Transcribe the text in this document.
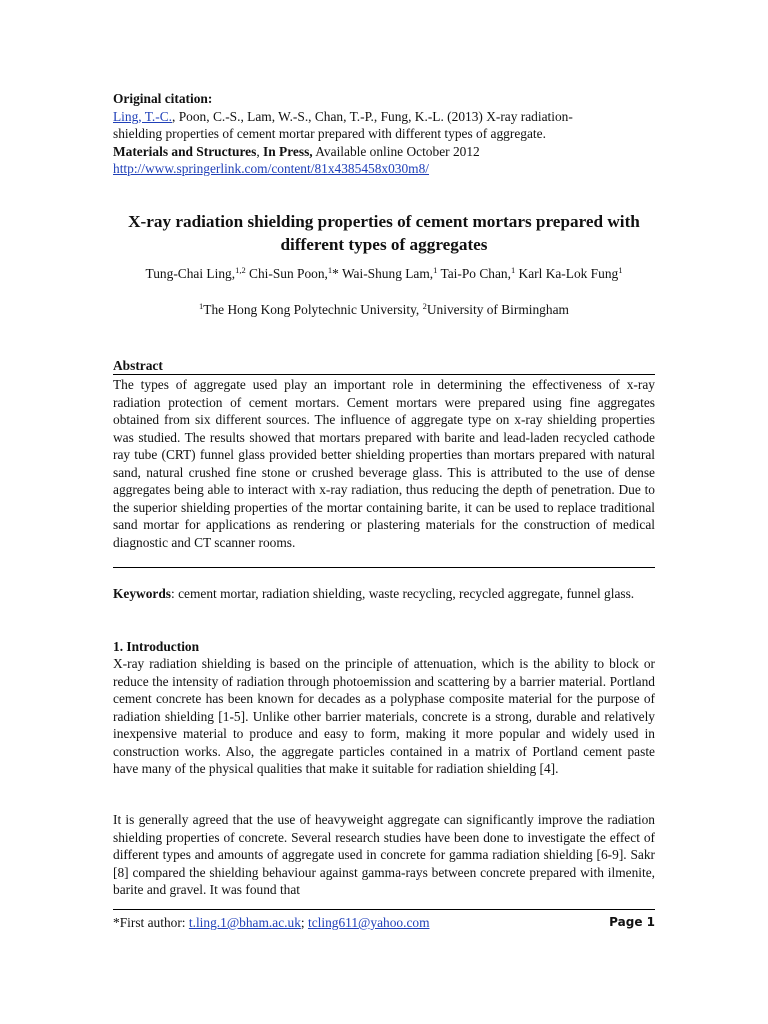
Original citation:
Ling, T.-C., Poon, C.-S., Lam, W.-S., Chan, T.-P., Fung, K.-L. (2013) X-ray radiation-
shielding properties of cement mortar prepared with different types of aggregate.
Materials and Structures, In Press, Available online October 2012
http://www.springerlink.com/content/81x4385458x030m8/
X-ray radiation shielding properties of cement mortars prepared with
different types of aggregates
Tung-Chai Ling,$^{1,2}$ Chi-Sun Poon,$^1$* Wai-Shung Lam,$^1$ Tai-Po Chan,$^1$ Karl Ka-Lok Fung$^1$
$^1$The Hong Kong Polytechnic University, $^2$University of Birmingham
Abstract
The types of aggregate used play an important role in determining the effectiveness of x-ray radiation protection of cement mortars. Cement mortars were prepared using fine aggregates obtained from six different sources. The influence of aggregate type on x-ray shielding properties was studied. The results showed that mortars prepared with barite and lead-laden recycled cathode ray tube (CRT) funnel glass provided better shielding properties than mortars prepared with natural sand, natural crushed fine stone or crushed beverage glass. This is attributed to the use of dense aggregates being able to interact with x-ray radiation, thus reducing the depth of penetration. Due to the superior shielding properties of the mortar containing barite, it can be used to replace traditional sand mortar for applications as rendering or plastering materials for the construction of medical diagnostic and CT scanner rooms.
Keywords: cement mortar, radiation shielding, waste recycling, recycled aggregate, funnel glass.
1. Introduction
X-ray radiation shielding is based on the principle of attenuation, which is the ability to block or reduce the intensity of radiation through photoemission and scattering by a barrier material. Portland cement concrete has been known for decades as a polyphase composite material for the purpose of radiation shielding [1-5]. Unlike other barrier materials, concrete is a strong, durable and relatively inexpensive material to produce and easy to form, making it more popular and widely used in construction works. Also, the aggregate particles contained in a matrix of Portland cement paste have many of the physical qualities that make it suitable for radiation shielding [4].
It is generally agreed that the use of heavyweight aggregate can significantly improve the radiation shielding properties of concrete. Several research studies have been done to investigate the effect of different types and amounts of aggregate used in concrete for gamma radiation shielding [6-9]. Sakr [8] compared the shielding behaviour against gamma-rays between concrete prepared with ilmenite, barite and gravel. It was found that
*First author: t.ling.1@bham.ac.uk; tcling611@yahoo.com	Page 1
